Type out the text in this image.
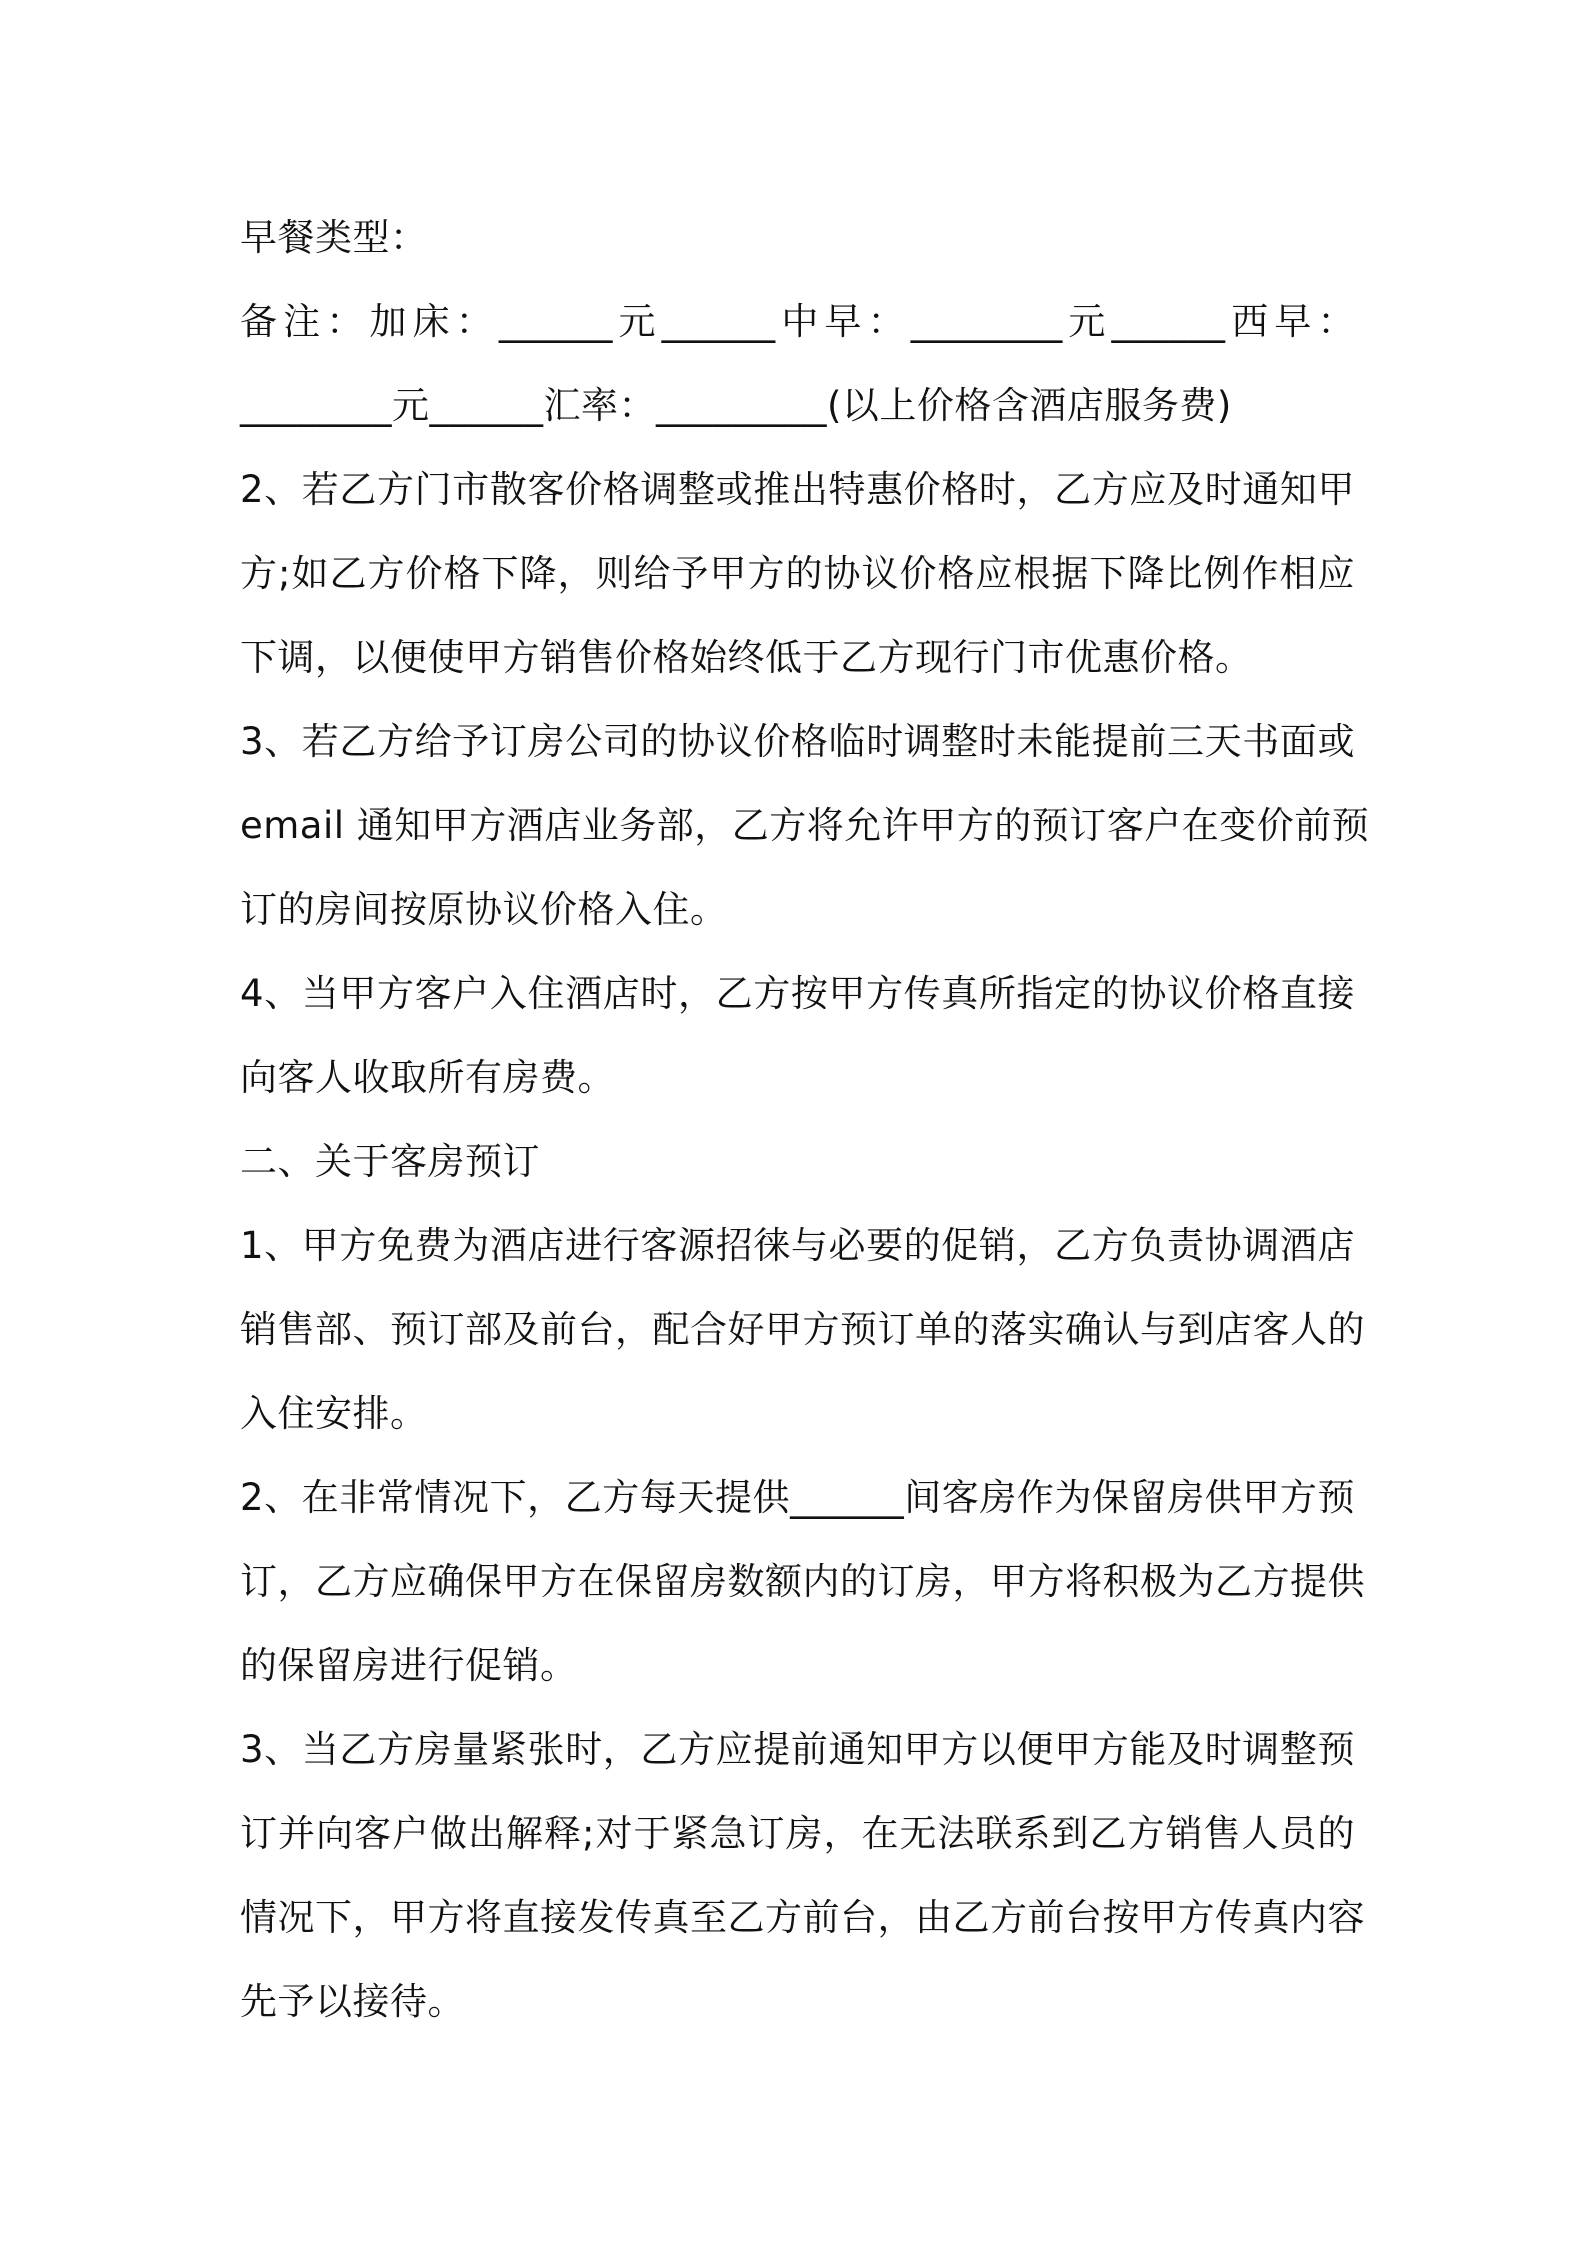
早餐类型：

备注：加床：______元______中早：________元______西早：
________元______汇率：_________(以上价格含酒店服务费)

2、若乙方门市散客价格调整或推出特惠价格时，乙方应及时通知甲
方;如乙方价格下降，则给予甲方的协议价格应根据下降比例作相应
下调，以便使甲方销售价格始终低于乙方现行门市优惠价格。

3、若乙方给予订房公司的协议价格临时调整时未能提前三天书面或
email 通知甲方酒店业务部，乙方将允许甲方的预订客户在变价前预
订的房间按原协议价格入住。

4、当甲方客户入住酒店时，乙方按甲方传真所指定的协议价格直接
向客人收取所有房费。

二、关于客房预订

1、甲方免费为酒店进行客源招徕与必要的促销，乙方负责协调酒店
销售部、预订部及前台，配合好甲方预订单的落实确认与到店客人的
入住安排。

2、在非常情况下，乙方每天提供______间客房作为保留房供甲方预
订，乙方应确保甲方在保留房数额内的订房，甲方将积极为乙方提供
的保留房进行促销。

3、当乙方房量紧张时，乙方应提前通知甲方以便甲方能及时调整预
订并向客户做出解释;对于紧急订房，在无法联系到乙方销售人员的
情况下，甲方将直接发传真至乙方前台，由乙方前台按甲方传真内容
先予以接待。
